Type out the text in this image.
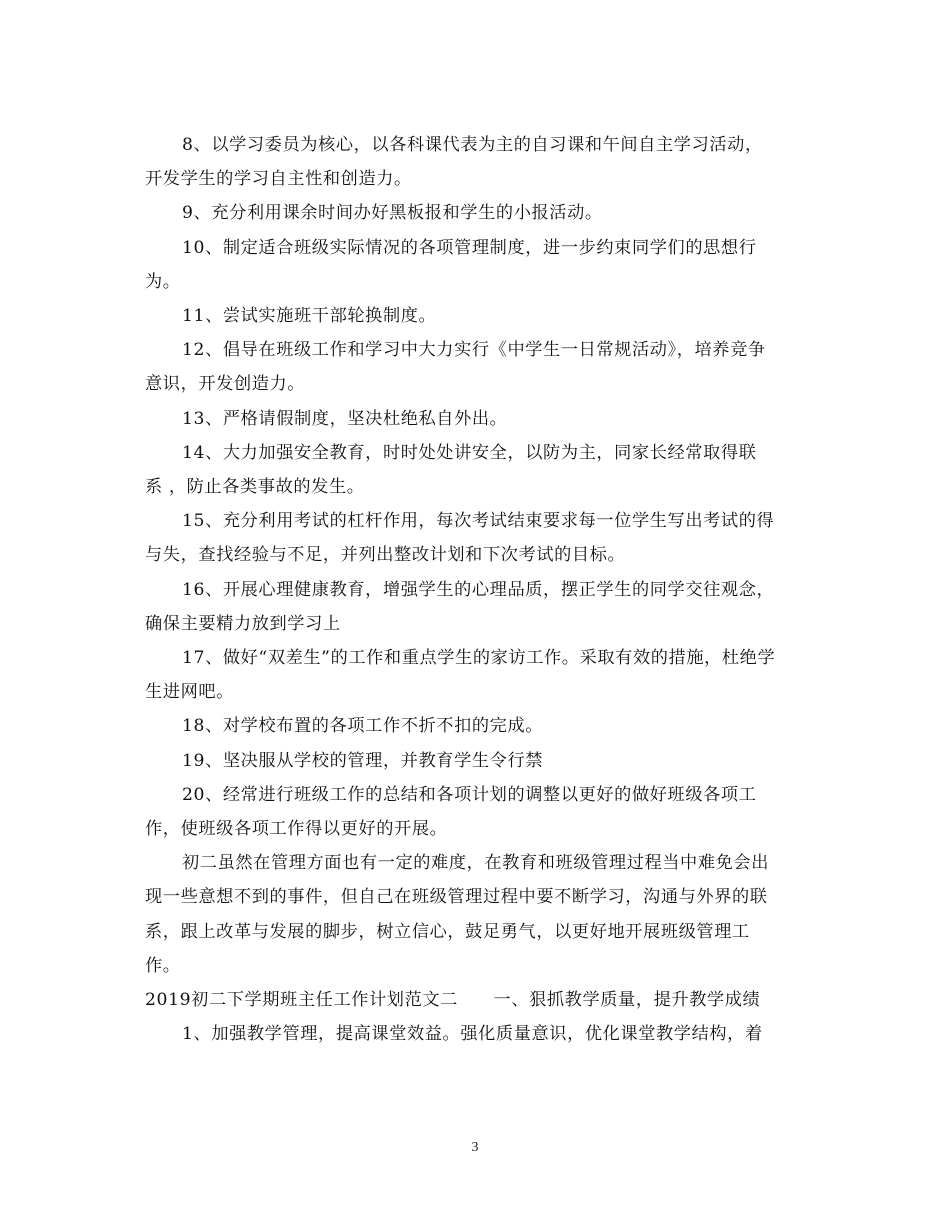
8、以学习委员为核心，以各科课代表为主的自习课和午间自主学习活动，

开发学生的学习自主性和创造力。

9、充分利用课余时间办好黑板报和学生的小报活动。

10、制定适合班级实际情况的各项管理制度，进一步约束同学们的思想行

为。

11、尝试实施班干部轮换制度。

12、倡导在班级工作和学习中大力实行《中学生一日常规活动》，培养竞争

意识，开发创造力。

13、严格请假制度，坚决杜绝私自外出。

14、大力加强安全教育，时时处处讲安全，以防为主，同家长经常取得联

系 ，防止各类事故的发生。

15、充分利用考试的杠杆作用，每次考试结束要求每一位学生写出考试的得

与失，查找经验与不足，并列出整改计划和下次考试的目标。

16、开展心理健康教育，增强学生的心理品质，摆正学生的同学交往观念，

确保主要精力放到学习上

17、做好“双差生”的工作和重点学生的家访工作。采取有效的措施，杜绝学

生进网吧。

18、对学校布置的各项工作不折不扣的完成。

19、坚决服从学校的管理，并教育学生令行禁

20、经常进行班级工作的总结和各项计划的调整以更好的做好班级各项工

作，使班级各项工作得以更好的开展。

初二虽然在管理方面也有一定的难度，在教育和班级管理过程当中难免会出

现一些意想不到的事件，但自己在班级管理过程中要不断学习，沟通与外界的联

系，跟上改革与发展的脚步，树立信心，鼓足勇气，以更好地开展班级管理工

作。

2019初二下学期班主任工作计划范文二　　一、狠抓教学质量，提升教学成绩

1、加强教学管理，提高课堂效益。强化质量意识，优化课堂教学结构，着

3
